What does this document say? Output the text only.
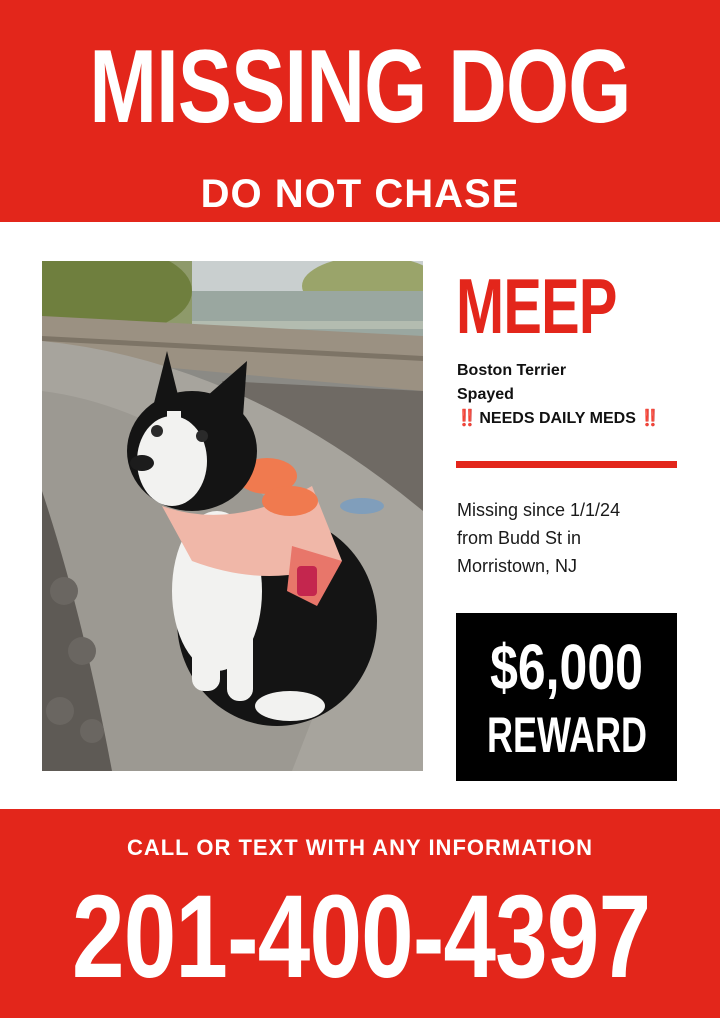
MISSING DOG
DO NOT CHASE
MEEP
Boston Terrier
Spayed
‼️ NEEDS DAILY MEDS ‼️
Missing since 1/1/24
from Budd St in
Morristown, NJ
$6,000
REWARD
CALL OR TEXT WITH ANY INFORMATION
201-400-4397
